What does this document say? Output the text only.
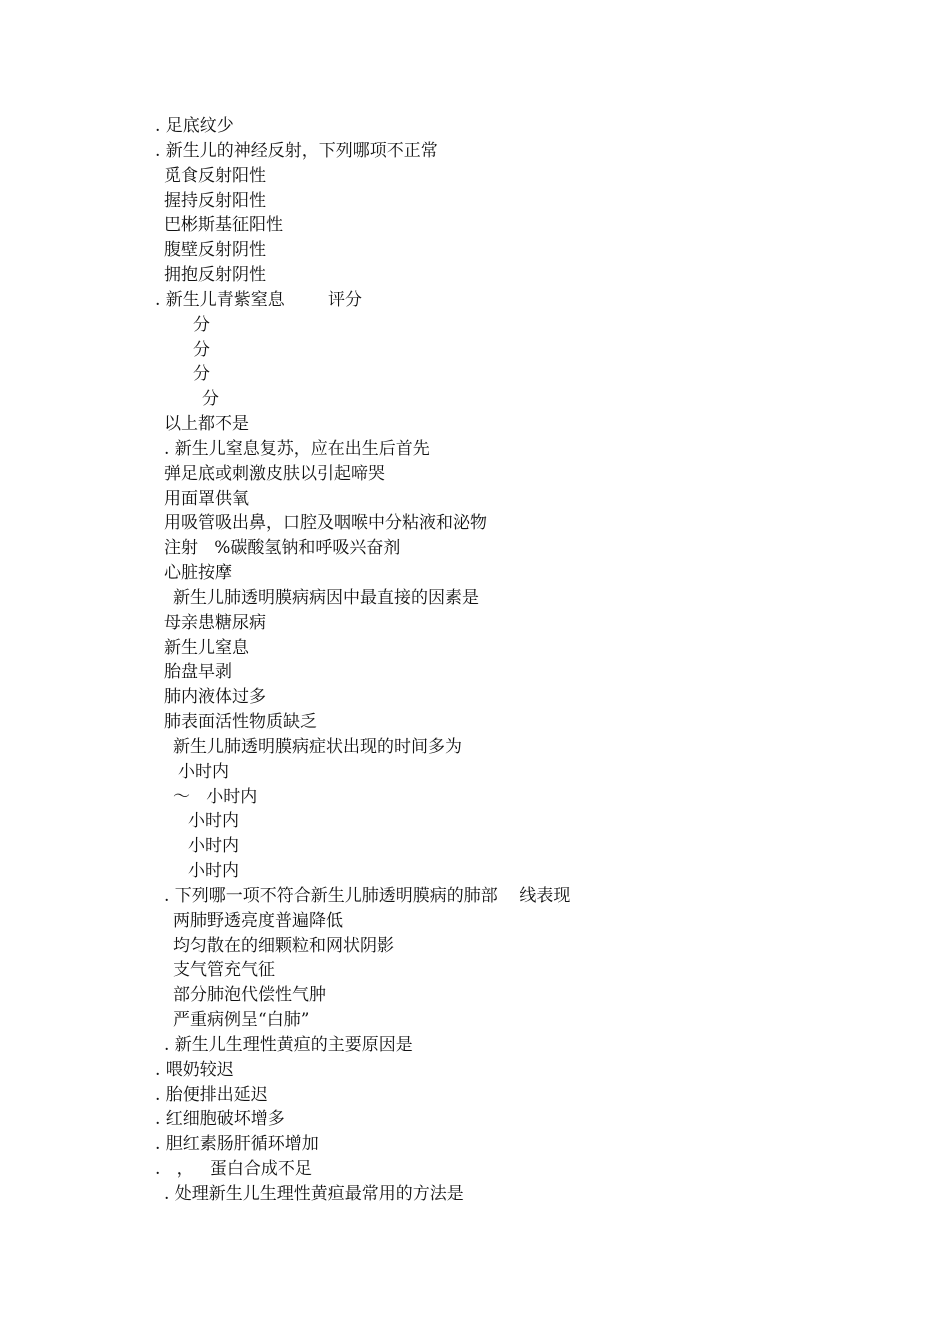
. 足底纹少
. 新生儿的神经反射，下列哪项不正常
觅食反射阳性
握持反射阳性
巴彬斯基征阳性
腹壁反射阴性
拥抱反射阴性
. 新生儿青紫窒息        评分
分
分
分
分
以上都不是
. 新生儿窒息复苏，应在出生后首先
弹足底或刺激皮肤以引起啼哭
用面罩供氧
用吸管吸出鼻，口腔及咽喉中分粘液和泌物
注射   %碳酸氢钠和呼吸兴奋剂
心脏按摩
新生儿肺透明膜病病因中最直接的因素是
母亲患糖尿病
新生儿窒息
胎盘早剥
肺内液体过多
肺表面活性物质缺乏
新生儿肺透明膜病症状出现的时间多为
小时内
～   小时内
小时内
小时内
小时内
. 下列哪一项不符合新生儿肺透明膜病的肺部    线表现
两肺野透亮度普遍降低
均匀散在的细颗粒和网状阴影
支气管充气征
部分肺泡代偿性气肿
严重病例呈“白肺”
. 新生儿生理性黄疸的主要原因是
. 喂奶较迟
. 胎便排出延迟
. 红细胞破坏增多
. 胆红素肠肝循环增加
.   ，   蛋白合成不足
. 处理新生儿生理性黄疸最常用的方法是
